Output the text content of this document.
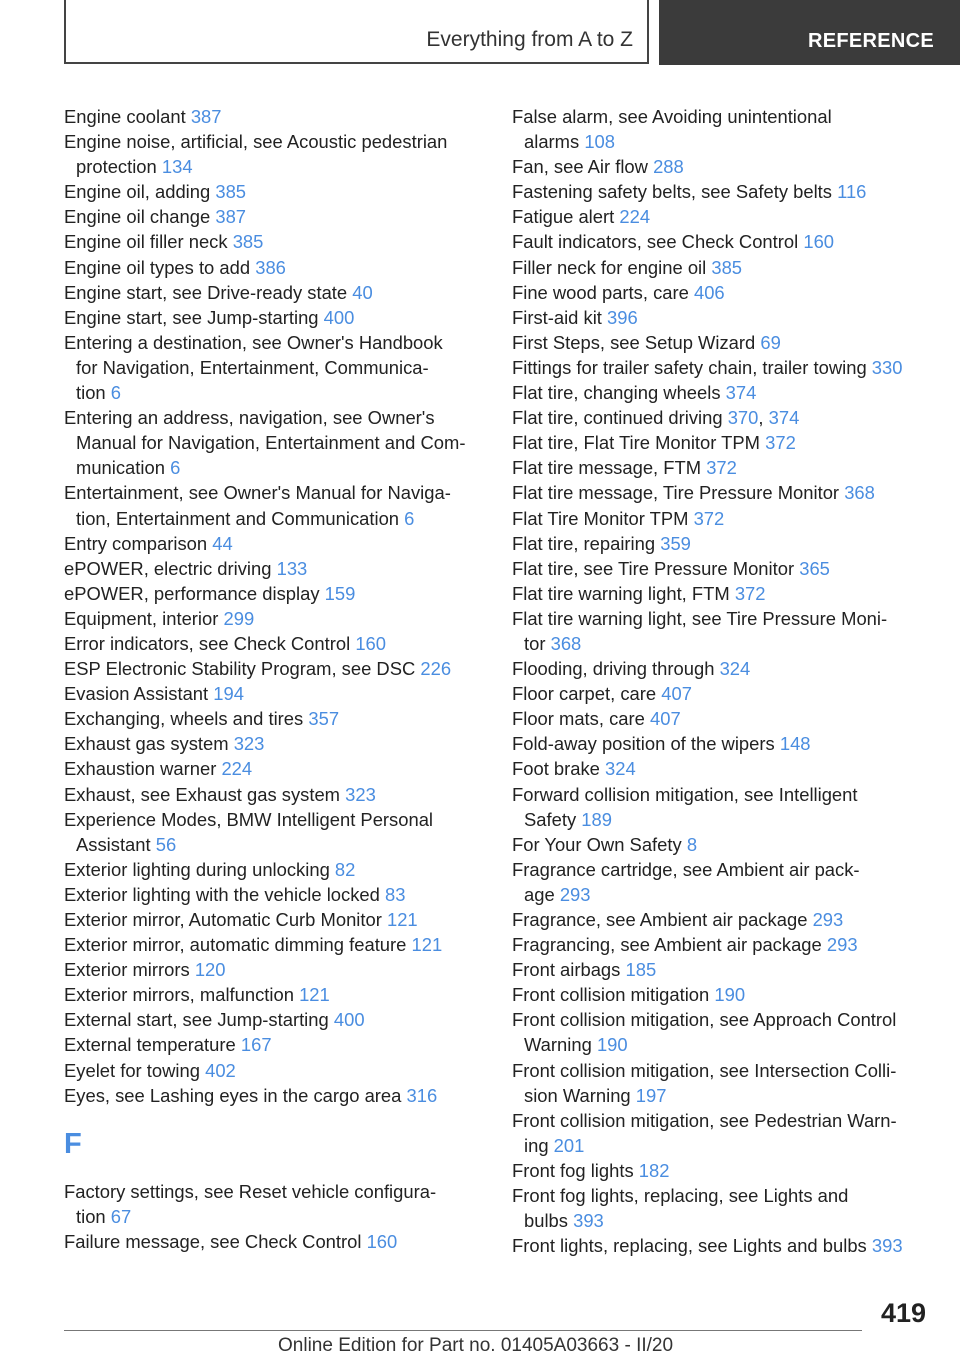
Everything from A to Z	REFERENCE
Engine coolant 387
Engine noise, artificial, see Acoustic pedestrian
protection 134
Engine oil, adding 385
Engine oil change 387
Engine oil filler neck 385
Engine oil types to add 386
Engine start, see Drive-ready state 40
Engine start, see Jump-starting 400
Entering a destination, see Owner's Handbook
for Navigation, Entertainment, Communica-
tion 6
Entering an address, navigation, see Owner's
Manual for Navigation, Entertainment and Com-
munication 6
Entertainment, see Owner's Manual for Naviga-
tion, Entertainment and Communication 6
Entry comparison 44
ePOWER, electric driving 133
ePOWER, performance display 159
Equipment, interior 299
Error indicators, see Check Control 160
ESP Electronic Stability Program, see DSC 226
Evasion Assistant 194
Exchanging, wheels and tires 357
Exhaust gas system 323
Exhaustion warner 224
Exhaust, see Exhaust gas system 323
Experience Modes, BMW Intelligent Personal
Assistant 56
Exterior lighting during unlocking 82
Exterior lighting with the vehicle locked 83
Exterior mirror, Automatic Curb Monitor 121
Exterior mirror, automatic dimming feature 121
Exterior mirrors 120
Exterior mirrors, malfunction 121
External start, see Jump-starting 400
External temperature 167
Eyelet for towing 402
Eyes, see Lashing eyes in the cargo area 316
F
Factory settings, see Reset vehicle configura-
tion 67
Failure message, see Check Control 160
False alarm, see Avoiding unintentional
alarms 108
Fan, see Air flow 288
Fastening safety belts, see Safety belts 116
Fatigue alert 224
Fault indicators, see Check Control 160
Filler neck for engine oil 385
Fine wood parts, care 406
First-aid kit 396
First Steps, see Setup Wizard 69
Fittings for trailer safety chain, trailer towing 330
Flat tire, changing wheels 374
Flat tire, continued driving 370, 374
Flat tire, Flat Tire Monitor TPM 372
Flat tire message, FTM 372
Flat tire message, Tire Pressure Monitor 368
Flat Tire Monitor TPM 372
Flat tire, repairing 359
Flat tire, see Tire Pressure Monitor 365
Flat tire warning light, FTM 372
Flat tire warning light, see Tire Pressure Moni-
tor 368
Flooding, driving through 324
Floor carpet, care 407
Floor mats, care 407
Fold-away position of the wipers 148
Foot brake 324
Forward collision mitigation, see Intelligent
Safety 189
For Your Own Safety 8
Fragrance cartridge, see Ambient air pack-
age 293
Fragrance, see Ambient air package 293
Fragrancing, see Ambient air package 293
Front airbags 185
Front collision mitigation 190
Front collision mitigation, see Approach Control
Warning 190
Front collision mitigation, see Intersection Colli-
sion Warning 197
Front collision mitigation, see Pedestrian Warn-
ing 201
Front fog lights 182
Front fog lights, replacing, see Lights and
bulbs 393
Front lights, replacing, see Lights and bulbs 393
419
Online Edition for Part no. 01405A03663 - II/20
